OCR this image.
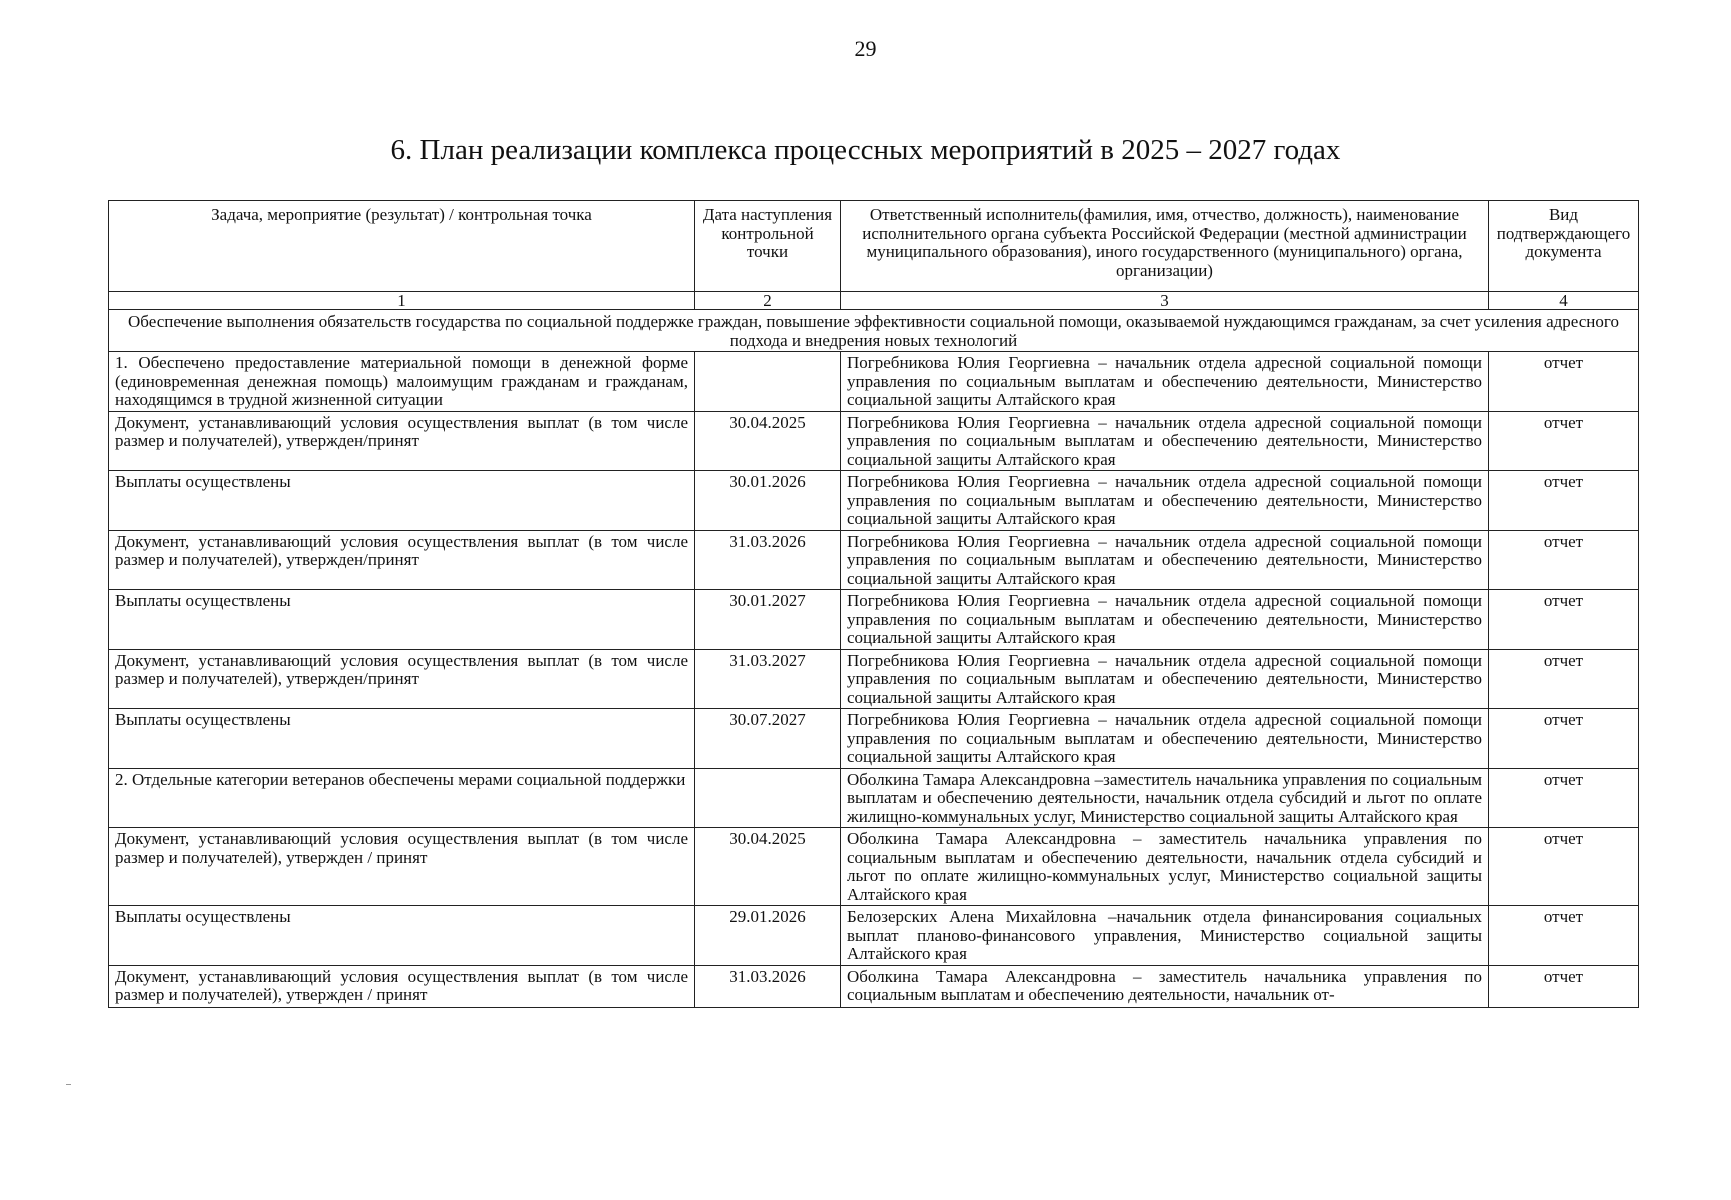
29
6. План реализации комплекса процессных мероприятий в 2025 – 2027 годах
Задача, мероприятие (результат) / контрольная точка	Дата наступления контрольной точки	Ответственный исполнитель(фамилия, имя, отчество, должность), наименование исполнительного органа субъекта Российской Федерации (местной администрации муниципального образования), иного государственного (муниципального) органа, организации)	Вид подтверждающего документа
1	2	3	4
Обеспечение выполнения обязательств государства по социальной поддержке граждан, повышение эффективности социальной помощи, оказываемой нуждающимся гражданам, за счет усиления адресного подхода и внедрения новых технологий			
1. Обеспечено предоставление материальной помощи в денежной форме (единовременная денежная помощь) малоимущим гражданам и гражданам, находящимся в трудной жизненной ситуации		Погребникова Юлия Георгиевна – начальник отдела адресной социальной помощи управления по социальным выплатам и обеспечению деятельности, Министерство социальной защиты Алтайского края	отчет
Документ, устанавливающий условия осуществления выплат (в том числе размер и получателей), утвержден/принят	30.04.2025	Погребникова Юлия Георгиевна – начальник отдела адресной социальной помощи управления по социальным выплатам и обеспечению деятельности, Министерство социальной защиты Алтайского края	отчет
Выплаты осуществлены	30.01.2026	Погребникова Юлия Георгиевна – начальник отдела адресной социальной помощи управления по социальным выплатам и обеспечению деятельности, Министерство социальной защиты Алтайского края	отчет
Документ, устанавливающий условия осуществления выплат (в том числе размер и получателей), утвержден/принят	31.03.2026	Погребникова Юлия Георгиевна – начальник отдела адресной социальной помощи управления по социальным выплатам и обеспечению деятельности, Министерство социальной защиты Алтайского края	отчет
Выплаты осуществлены	30.01.2027	Погребникова Юлия Георгиевна – начальник отдела адресной социальной помощи управления по социальным выплатам и обеспечению деятельности, Министерство социальной защиты Алтайского края	отчет
Документ, устанавливающий условия осуществления выплат (в том числе размер и получателей), утвержден/принят	31.03.2027	Погребникова Юлия Георгиевна – начальник отдела адресной социальной помощи управления по социальным выплатам и обеспечению деятельности, Министерство социальной защиты Алтайского края	отчет
Выплаты осуществлены	30.07.2027	Погребникова Юлия Георгиевна – начальник отдела адресной социальной помощи управления по социальным выплатам и обеспечению деятельности, Министерство социальной защиты Алтайского края	отчет
2. Отдельные категории ветеранов обеспечены мерами социальной поддержки		Оболкина Тамара Александровна –заместитель начальника управления по социальным выплатам и обеспечению деятельности, начальник отдела субсидий и льгот по оплате жилищно-коммунальных услуг, Министерство социальной защиты Алтайского края	отчет
Документ, устанавливающий условия осуществления выплат (в том числе размер и получателей), утвержден / принят	30.04.2025	Оболкина Тамара Александровна – заместитель начальника управления по социальным выплатам и обеспечению деятельности, начальник отдела субсидий и льгот по оплате жилищно-коммунальных услуг, Министерство социальной защиты Алтайского края	отчет
Выплаты осуществлены	29.01.2026	Белозерских Алена Михайловна –начальник отдела финансирования социальных выплат планово-финансового управления, Министерство социальной защиты Алтайского края	отчет
Документ, устанавливающий условия осуществления выплат (в том числе размер и получателей), утвержден / принят	31.03.2026	Оболкина Тамара Александровна – заместитель начальника управления по социальным выплатам и обеспечению деятельности, начальник от-	отчет
